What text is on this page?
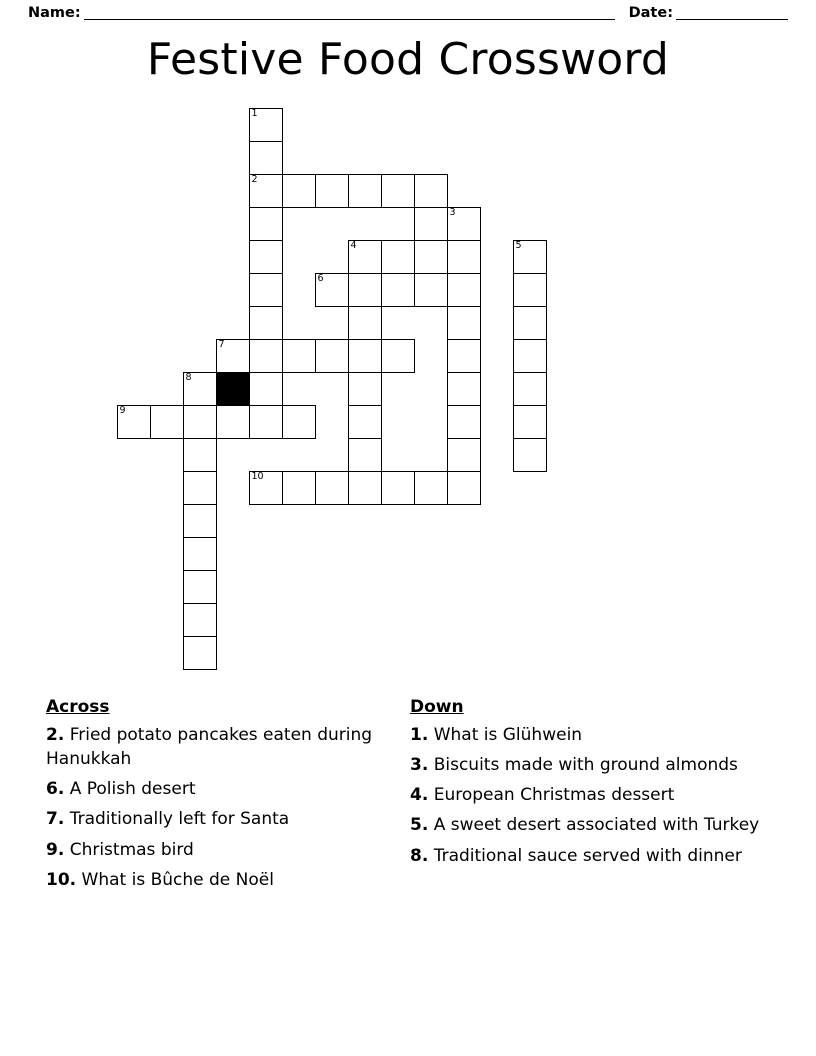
Name:	Date:
Festive Food Crossword
1
2
3
4	5
6
7
8
9
10
Across
2. Fried potato pancakes eaten during Hanukkah
6. A Polish desert
7. Traditionally left for Santa
9. Christmas bird
10. What is Bûche de Noël
Down
1. What is Glühwein
3. Biscuits made with ground almonds
4. European Christmas dessert
5. A sweet desert associated with Turkey
8. Traditional sauce served with dinner
